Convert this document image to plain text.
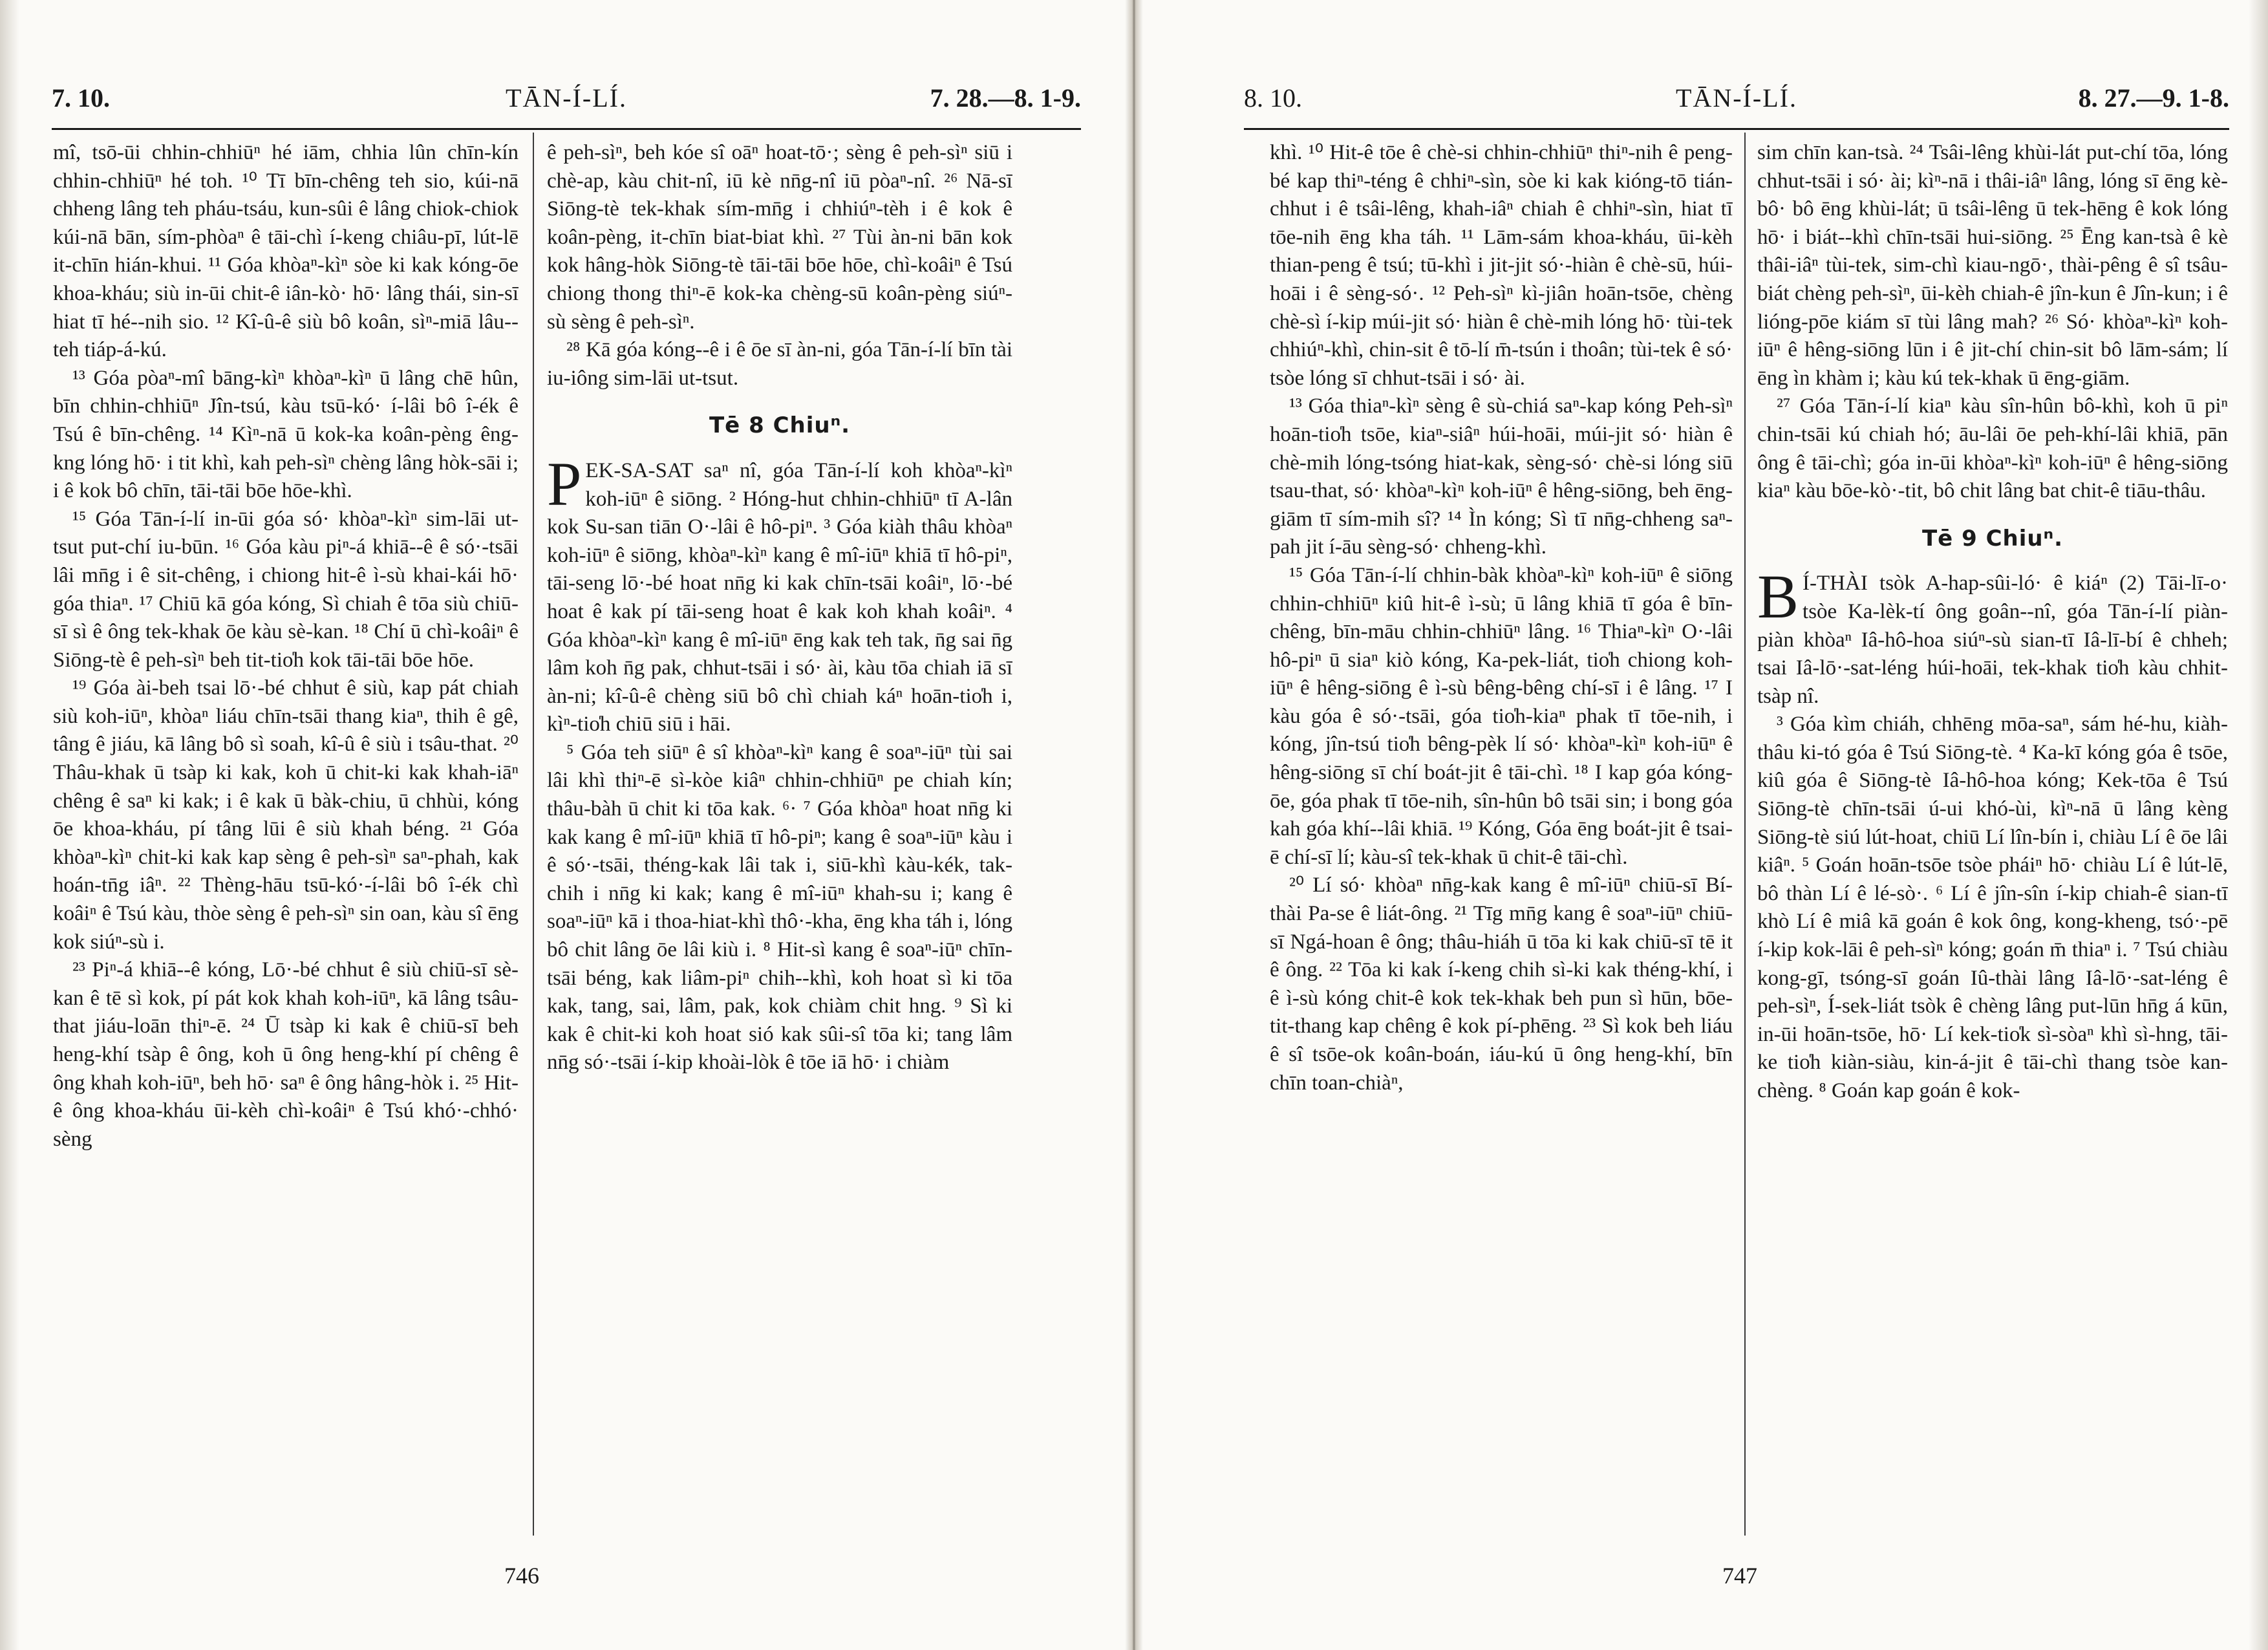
7. 10.	TĀN-Í-LÍ.	7. 28.—8. 1-9.

mî, tsō-ūi chhin-chhiūⁿ hé iām, chhia lûn chīn-kín chhin-chhiūⁿ hé toh. ¹⁰ Tī bīn-chêng teh sio, kúi-nā chheng lâng teh pháu-tsáu, kun-sûi ê lâng chiok-chiok kúi-nā bān, sím-phòaⁿ ê tāi-chì í-keng chiâu-pī, lút-lē it-chīn hián-khui. ¹¹ Góa khòaⁿ-kìⁿ sòe ki kak kóng-ōe khoa-kháu; siù in-ūi chit-ê iân-kò· hō· lâng thái, sin-sī hiat tī hé--nih sio. ¹² Kî-û-ê siù bô koân, sìⁿ-miā lâu--teh tiáp-á-kú.

¹³ Góa pòaⁿ-mî bāng-kìⁿ khòaⁿ-kìⁿ ū lâng chē hûn, bīn chhin-chhiūⁿ Jîn-tsú, kàu tsū-kó· í-lâi bô î-ék ê Tsú ê bīn-chêng. ¹⁴ Kìⁿ-nā ū kok-ka koân-pèng êng-kng lóng hō· i tit khì, kah peh-sìⁿ chèng lâng hòk-sāi i; i ê kok bô chīn, tāi-tāi bōe hōe-khì.

¹⁵ Góa Tān-í-lí in-ūi góa só· khòaⁿ-kìⁿ sim-lāi ut-tsut put-chí iu-būn. ¹⁶ Góa kàu piⁿ-á khiā--ê ê só·-tsāi lâi mn̄g i ê sit-chêng, i chiong hit-ê ì-sù khai-kái hō· góa thiaⁿ. ¹⁷ Chiū kā góa kóng, Sì chiah ê tōa siù chiū-sī sì ê ông tek-khak ōe kàu sè-kan. ¹⁸ Chí ū chì-koâiⁿ ê Siōng-tè ê peh-sìⁿ beh tit-tio̍h kok tāi-tāi bōe hōe.

¹⁹ Góa ài-beh tsai lō·-bé chhut ê siù, kap pát chiah siù koh-iūⁿ, khòaⁿ liáu chīn-tsāi thang kiaⁿ, thih ê gê, tâng ê jiáu, kā lâng bô sì soah, kî-û ê siù i tsâu-that. ²⁰ Thâu-khak ū tsàp ki kak, koh ū chit-ki kak khah-iāⁿ chêng ê saⁿ ki kak; i ê kak ū bàk-chiu, ū chhùi, kóng ōe khoa-kháu, pí tâng lūi ê siù khah béng. ²¹ Góa khòaⁿ-kìⁿ chit-ki kak kap sèng ê peh-sìⁿ saⁿ-phah, kak hoán-tn̄g iâⁿ. ²² Thèng-hāu tsū-kó·-í-lâi bô î-ék chì koâiⁿ ê Tsú kàu, thòe sèng ê peh-sìⁿ sin oan, kàu sî ēng kok siúⁿ-sù i.

²³ Piⁿ-á khiā--ê kóng, Lō·-bé chhut ê siù chiū-sī sè-kan ê tē sì kok, pí pát kok khah koh-iūⁿ, kā lâng tsâu-that jiáu-loān thiⁿ-ē. ²⁴ Ū tsàp ki kak ê chiū-sī beh heng-khí tsàp ê ông, koh ū ông heng-khí pí chêng ê ông khah koh-iūⁿ, beh hō· saⁿ ê ông hâng-hòk i. ²⁵ Hit-ê ông khoa-kháu ūi-kèh chì-koâiⁿ ê Tsú khó·-chhó· sèng

ê peh-sìⁿ, beh kóe sî oāⁿ hoat-tō·; sèng ê peh-sìⁿ siū i chè-ap, kàu chit-nî, iū kè nn̄g-nî iū pòaⁿ-nî. ²⁶ Nā-sī Siōng-tè tek-khak sím-mn̄g i chhiúⁿ-tèh i ê kok ê koân-pèng, it-chīn biat-biat khì. ²⁷ Tùi àn-ni bān kok kok hâng-hòk Siōng-tè tāi-tāi bōe hōe, chì-koâiⁿ ê Tsú chiong thong thiⁿ-ē kok-ka chèng-sū koân-pèng siúⁿ-sù sèng ê peh-sìⁿ.

²⁸ Kā góa kóng--ê i ê ōe sī àn-ni, góa Tān-í-lí bīn tài iu-iông sim-lāi ut-tsut.

Tē 8 Chiuⁿ.
P EK-SA-SAT saⁿ nî, góa Tān-í-lí koh khòaⁿ-kìⁿ koh-iūⁿ ê siōng. ² Hóng-hut chhin-chhiūⁿ tī A-lân kok Su-san tiān O·-lâi ê hô-piⁿ. ³ Góa kiàh thâu khòaⁿ koh-iūⁿ ê siōng, khòaⁿ-kìⁿ kang ê mî-iūⁿ khiā tī hô-piⁿ, tāi-seng lō·-bé hoat nn̄g ki kak chīn-tsāi koâiⁿ, lō·-bé hoat ê kak pí tāi-seng hoat ê kak koh khah koâiⁿ. ⁴ Góa khòaⁿ-kìⁿ kang ê mî-iūⁿ ēng kak teh tak, n̄g sai n̄g lâm koh n̄g pak, chhut-tsāi i só· ài, kàu tōa chiah iā sī àn-ni; kî-û-ê chèng siū bô chì chiah káⁿ hoān-tio̍h i, kìⁿ-tio̍h chiū siū i hāi.

⁵ Góa teh siūⁿ ê sî khòaⁿ-kìⁿ kang ê soaⁿ-iūⁿ tùi sai lâi khì thiⁿ-ē sì-kòe kiâⁿ chhin-chhiūⁿ pe chiah kín; thâu-bàh ū chit ki tōa kak. ⁶· ⁷ Góa khòaⁿ hoat nn̄g ki kak kang ê mî-iūⁿ khiā tī hô-piⁿ; kang ê soaⁿ-iūⁿ kàu i ê só·-tsāi, théng-kak lâi tak i, siū-khì kàu-kék, tak-chih i nn̄g ki kak; kang ê mî-iūⁿ khah-su i; kang ê soaⁿ-iūⁿ kā i thoa-hiat-khì thô·-kha, ēng kha táh i, lóng bô chit lâng ōe lâi kiù i. ⁸ Hit-sì kang ê soaⁿ-iūⁿ chīn-tsāi béng, kak liâm-piⁿ chih--khì, koh hoat sì ki tōa kak, tang, sai, lâm, pak, kok chiàm chit hng. ⁹ Sì ki kak ê chit-ki koh hoat sió kak sûi-sî tōa ki; tang lâm nn̄g só·-tsāi í-kip khoài-lòk ê tōe iā hō· i chiàm

746
8. 10.	TĀN-Í-LÍ.	8. 27.—9. 1-8.

khì. ¹⁰ Hit-ê tōe ê chè-si chhin-chhiūⁿ thiⁿ-nih ê peng-bé kap thiⁿ-téng ê chhiⁿ-sìn, sòe ki kak kióng-tō tián-chhut i ê tsâi-lêng, khah-iâⁿ chiah ê chhiⁿ-sìn, hiat tī tōe-nih ēng kha táh. ¹¹ Lām-sám khoa-kháu, ūi-kèh thian-peng ê tsú; tū-khì i jit-jit só·-hiàn ê chè-sū, húi-hoāi i ê sèng-só·. ¹² Peh-sìⁿ kì-jiân hoān-tsōe, chèng chè-sì í-kip múi-jit só· hiàn ê chè-mih lóng hō· tùi-tek chhiúⁿ-khì, chin-sit ê tō-lí m̄-tsún i thoân; tùi-tek ê só· tsòe lóng sī chhut-tsāi i só· ài.

¹³ Góa thiaⁿ-kìⁿ sèng ê sù-chiá saⁿ-kap kóng Peh-sìⁿ hoān-tio̍h tsōe, kiaⁿ-siâⁿ húi-hoāi, múi-jit só· hiàn ê chè-mih lóng-tsóng hiat-kak, sèng-só· chè-si lóng siū tsau-that, só· khòaⁿ-kìⁿ koh-iūⁿ ê hêng-siōng, beh ēng-giām tī sím-mih sî? ¹⁴ Ìn kóng; Sì tī nn̄g-chheng saⁿ-pah jit í-āu sèng-só· chheng-khì.

¹⁵ Góa Tān-í-lí chhin-bàk khòaⁿ-kìⁿ koh-iūⁿ ê siōng chhin-chhiūⁿ kiû hit-ê ì-sù; ū lâng khiā tī góa ê bīn-chêng, bīn-māu chhin-chhiūⁿ lâng. ¹⁶ Thiaⁿ-kìⁿ O·-lâi hô-piⁿ ū siaⁿ kiò kóng, Ka-pek-liát, tio̍h chiong koh-iūⁿ ê hêng-siōng ê ì-sù bêng-bêng chí-sī i ê lâng. ¹⁷ I kàu góa ê só·-tsāi, góa tio̍h-kiaⁿ phak tī tōe-nih, i kóng, jîn-tsú tio̍h bêng-pèk lí só· khòaⁿ-kìⁿ koh-iūⁿ ê hêng-siōng sī chí boát-jit ê tāi-chì. ¹⁸ I kap góa kóng-ōe, góa phak tī tōe-nih, sîn-hûn bô tsāi sin; i bong góa kah góa khí--lâi khiā. ¹⁹ Kóng, Góa ēng boát-jit ê tsai-ē chí-sī lí; kàu-sî tek-khak ū chit-ê tāi-chì.

²⁰ Lí só· khòaⁿ nn̄g-kak kang ê mî-iūⁿ chiū-sī Bí-thài Pa-se ê liát-ông. ²¹ Tīg mn̄g kang ê soaⁿ-iūⁿ chiū-sī Ngá-hoan ê ông; thâu-hiáh ū tōa ki kak chiū-sī tē it ê ông. ²² Tōa ki kak í-keng chih sì-ki kak théng-khí, i ê ì-sù kóng chit-ê kok tek-khak beh pun sì hūn, bōe-tit-thang kap chêng ê kok pí-phēng. ²³ Sì kok beh liáu ê sî tsōe-ok koân-boán, iáu-kú ū ông heng-khí, bīn chīn toan-chiàⁿ,

sim chīn kan-tsà. ²⁴ Tsâi-lêng khùi-lát put-chí tōa, lóng chhut-tsāi i só· ài; kìⁿ-nā i thâi-iâⁿ lâng, lóng sī ēng kè-bô· bô ēng khùi-lát; ū tsâi-lêng ū tek-hēng ê kok lóng hō· i biát--khì chīn-tsāi hui-siōng. ²⁵ Ēng kan-tsà ê kè thâi-iâⁿ tùi-tek, sim-chì kiau-ngō·, thài-pêng ê sî tsâu-biát chèng peh-sìⁿ, ūi-kèh chiah-ê jîn-kun ê Jîn-kun; i ê lióng-pōe kiám sī tùi lâng mah? ²⁶ Só· khòaⁿ-kìⁿ koh-iūⁿ ê hêng-siōng lūn i ê jit-chí chin-sit bô lām-sám; lí ēng ìn khàm i; kàu kú tek-khak ū ēng-giām.

²⁷ Góa Tān-í-lí kiaⁿ kàu sîn-hûn bô-khì, koh ū piⁿ chin-tsāi kú chiah hó; āu-lâi ōe peh-khí-lâi khiā, pān ông ê tāi-chì; góa in-ūi khòaⁿ-kìⁿ koh-iūⁿ ê hêng-siōng kiaⁿ kàu bōe-kò·-tit, bô chit lâng bat chit-ê tiāu-thâu.

Tē 9 Chiuⁿ.
B Í-THÀI tsòk A-hap-sûi-ló· ê kiáⁿ (2) Tāi-lī-o· tsòe Ka-lèk-tí ông goân--nî, góa Tān-í-lí piàn-piàn khòaⁿ Iâ-hô-hoa siúⁿ-sù sian-tī Iâ-lī-bí ê chheh; tsai Iâ-lō·-sat-léng húi-hoāi, tek-khak tio̍h kàu chhit-tsàp nî.

³ Góa kìm chiáh, chhēng mōa-saⁿ, sám hé-hu, kiàh-thâu ki-tó góa ê Tsú Siōng-tè. ⁴ Ka-kī kóng góa ê tsōe, kiû góa ê Siōng-tè Iâ-hô-hoa kóng; Kek-tōa ê Tsú Siōng-tè chīn-tsāi ú-ui khó-ùi, kìⁿ-nā ū lâng kèng Siōng-tè siú lút-hoat, chiū Lí lîn-bín i, chiàu Lí ê ōe lâi kiâⁿ. ⁵ Goán hoān-tsōe tsòe pháiⁿ hō· chiàu Lí ê lút-lē, bô thàn Lí ê lé-sò·. ⁶ Lí ê jîn-sîn í-kip chiah-ê sian-tī khò Lí ê miâ kā goán ê kok ông, kong-kheng, tsó·-pē í-kip kok-lāi ê peh-sìⁿ kóng; goán m̄ thiaⁿ i. ⁷ Tsú chiàu kong-gī, tsóng-sī goán Iû-thài lâng Iâ-lō·-sat-léng ê peh-sìⁿ, Í-sek-liát tsòk ê chèng lâng put-lūn hn̄g á kūn, in-ūi hoān-tsōe, hō· Lí kek-tio̍k sì-sòaⁿ khì sì-hng, tāi-ke tio̍h kiàn-siàu, kin-á-jit ê tāi-chì thang tsòe kan-chèng. ⁸ Goán kap goán ê kok-

747
